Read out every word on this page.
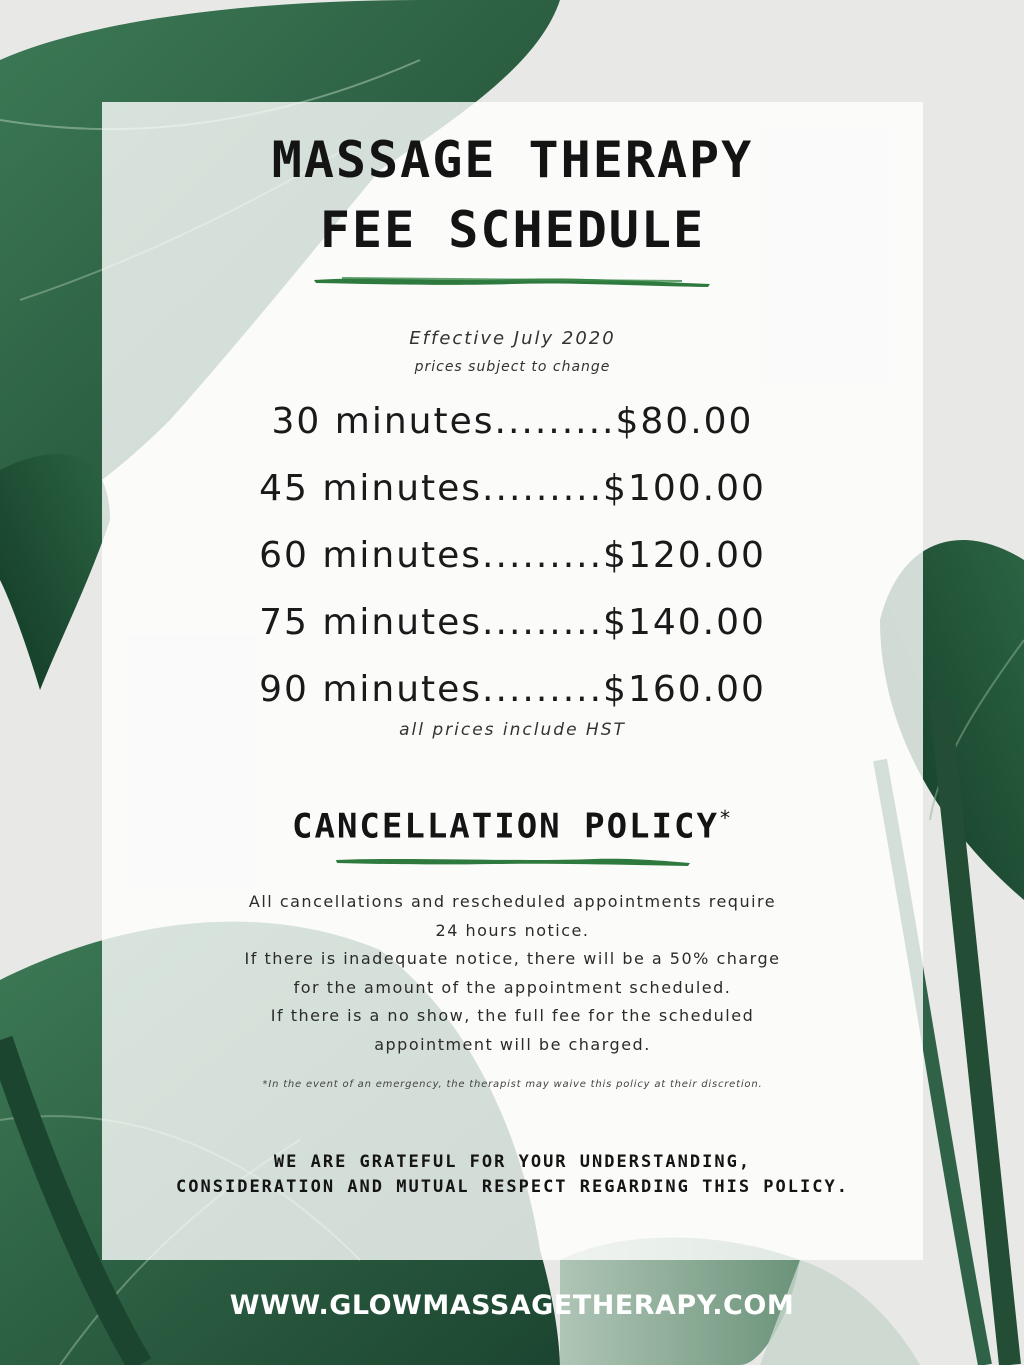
MASSAGE THERAPY
FEE SCHEDULE
Effective July 2020
prices subject to change
30 minutes.........$80.00
45 minutes.........$100.00
60 minutes.........$120.00
75 minutes.........$140.00
90 minutes.........$160.00
all prices include HST
CANCELLATION POLICY*
All cancellations and rescheduled appointments require
24 hours notice.
If there is inadequate notice, there will be a 50% charge
for the amount of the appointment scheduled.
If there is a no show, the full fee for the scheduled
appointment will be charged.
*In the event of an emergency, the therapist may waive this policy at their discretion.
WE ARE GRATEFUL FOR YOUR UNDERSTANDING,
CONSIDERATION AND MUTUAL RESPECT REGARDING THIS POLICY.
WWW.GLOWMASSAGETHERAPY.COM
